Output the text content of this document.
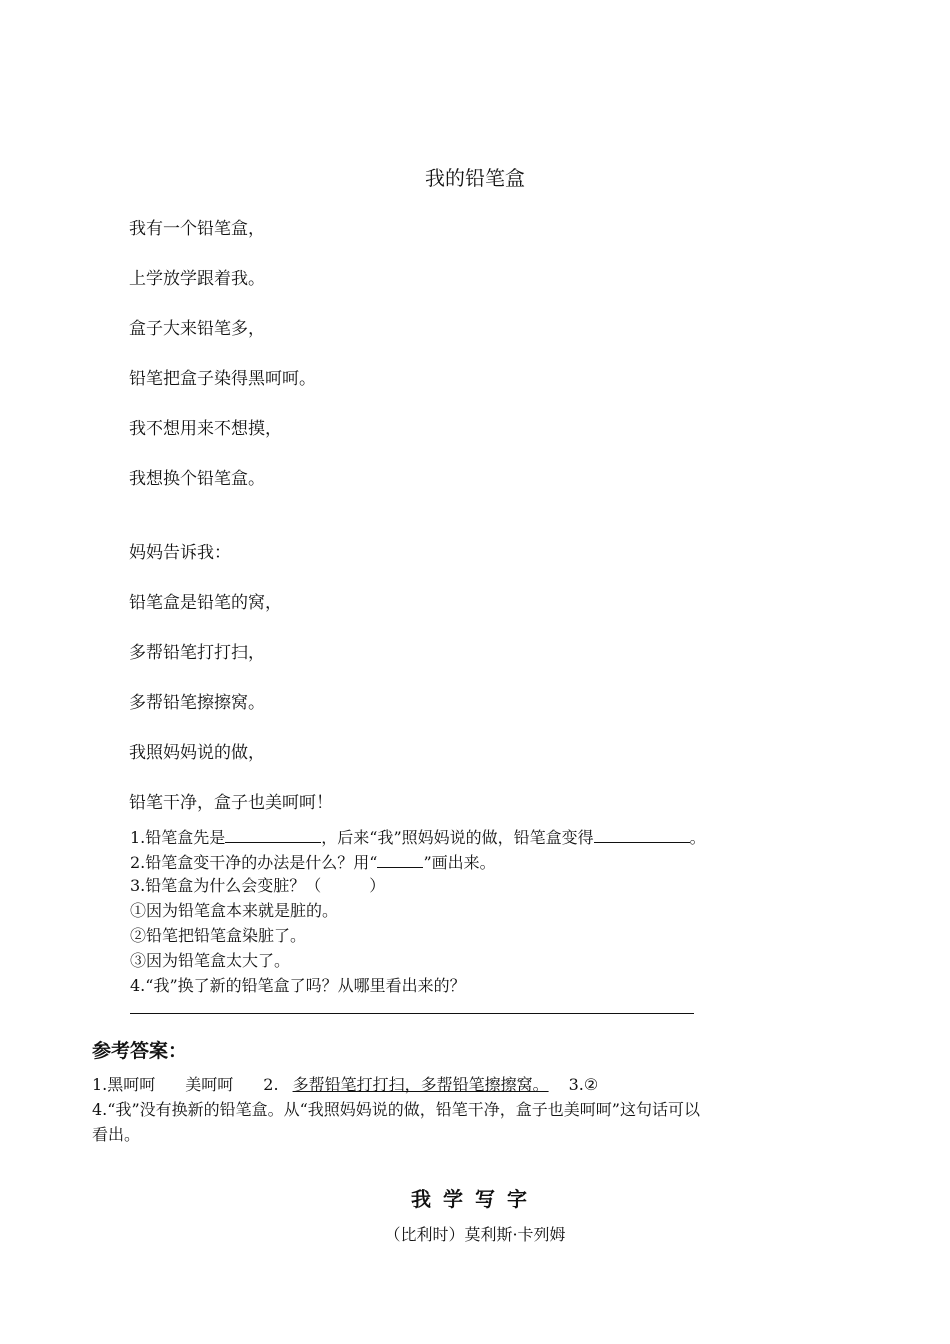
我的铅笔盒

我有一个铅笔盒，

上学放学跟着我。

盒子大来铅笔多，

铅笔把盒子染得黑呵呵。

我不想用来不想摸，

我想换个铅笔盒。

妈妈告诉我：

铅笔盒是铅笔的窝，

多帮铅笔打打扫，

多帮铅笔擦擦窝。

我照妈妈说的做，

铅笔干净，盒子也美呵呵！

1.铅笔盒先是	，后来“我”照妈妈说的做，铅笔盒变得	。

2.铅笔盒变干净的办法是什么？用“	”画出来。

3.铅笔盒为什么会变脏？（　　　）

①因为铅笔盒本来就是脏的。

②铅笔把铅笔盒染脏了。

③因为铅笔盒太大了。

4.“我”换了新的铅笔盒了吗？从哪里看出来的？

参考答案：

1.黑呵呵 美呵呵 2. 多帮铅笔打打扫，多帮铅笔擦擦窝。 3.②

4.“我”没有换新的铅笔盒。从“我照妈妈说的做，铅笔干净，盒子也美呵呵”这句话可以

看出。

我学写字

（比利时）莫利斯·卡列姆
